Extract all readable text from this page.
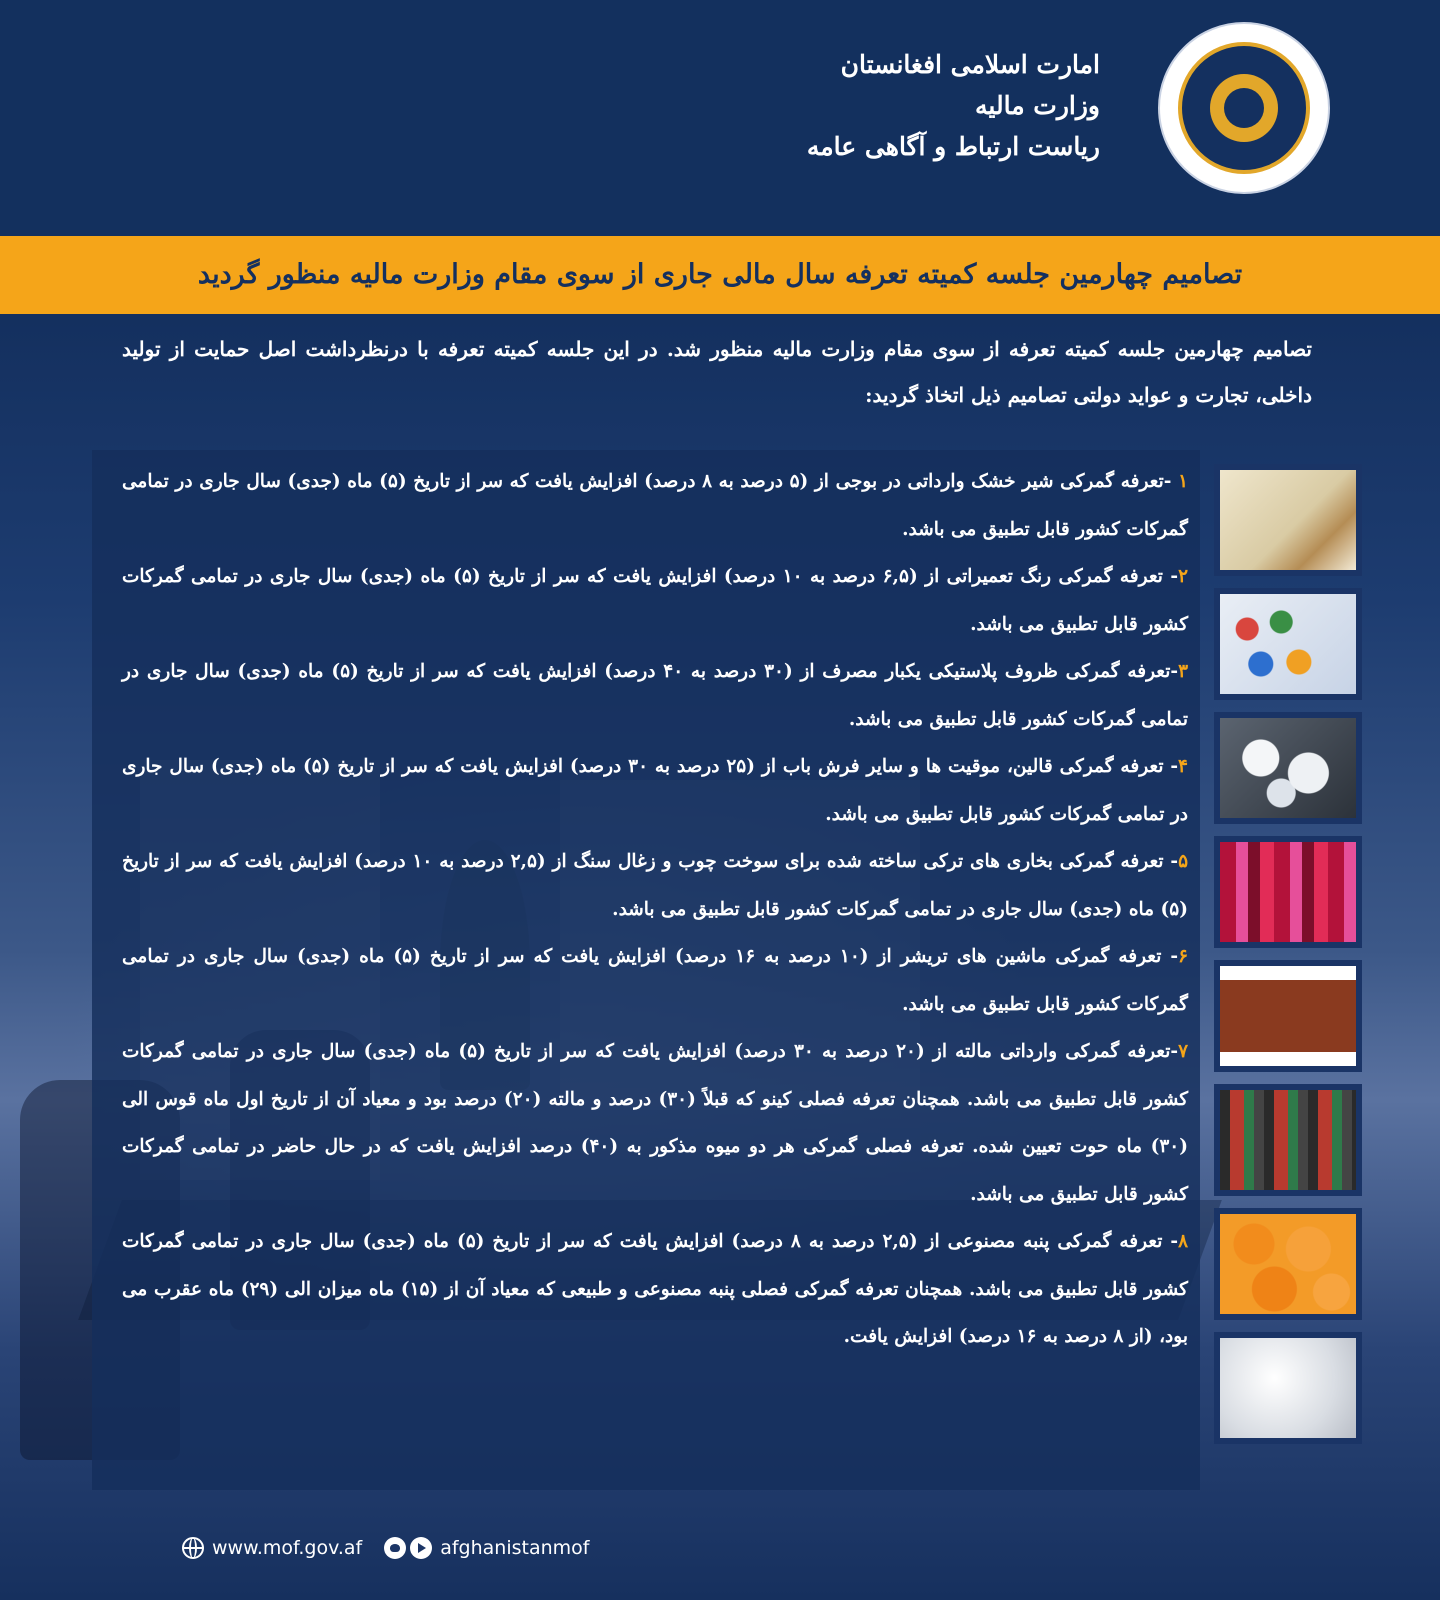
امارت اسلامی افغانستان
وزارت مالیه
ریاست ارتباط و آگاهی عامه
تصامیم چهارمین جلسه کمیته تعرفه سال مالی جاری از سوی مقام وزارت مالیه منظور گردید
تصامیم چهارمین جلسه کمیته تعرفه از سوی مقام وزارت مالیه منظور شد. در این جلسه کمیته تعرفه با درنظرداشت اصل حمایت از تولید داخلی، تجارت و عواید دولتی تصامیم ذیل اتخاذ گردید:

۱ -تعرفه گمرکی شیر خشک وارداتی در بوجی از (۵ درصد به ۸ درصد) افزایش یافت که سر از تاریخ (۵) ماه (جدی) سال جاری در تمامی گمرکات کشور قابل تطبیق می باشد.

۲- تعرفه گمرکی رنگ تعمیراتی از (۶,۵ درصد به ۱۰ درصد) افزایش یافت که سر از تاریخ (۵) ماه (جدی) سال جاری در تمامی گمرکات کشور قابل تطبیق می باشد.

۳-تعرفه گمرکی ظروف پلاستیکی یکبار مصرف از (۳۰ درصد به ۴۰ درصد) افزایش یافت که سر از تاریخ (۵) ماه (جدی) سال جاری در تمامی گمرکات کشور قابل تطبیق می باشد.

۴- تعرفه گمرکی قالین، موقیت ها و سایر فرش باب از (۲۵ درصد به ۳۰ درصد) افزایش یافت که سر از تاریخ (۵) ماه (جدی) سال جاری در تمامی گمرکات کشور قابل تطبیق می باشد.

۵- تعرفه گمرکی بخاری های ترکی ساخته شده برای سوخت چوب و زغال سنگ از (۲,۵ درصد به ۱۰ درصد) افزایش یافت که سر از تاریخ (۵) ماه (جدی) سال جاری در تمامی گمرکات کشور قابل تطبیق می باشد.

۶- تعرفه گمرکی ماشین های تریشر از (۱۰ درصد به ۱۶ درصد) افزایش یافت که سر از تاریخ (۵) ماه (جدی) سال جاری در تمامی گمرکات کشور قابل تطبیق می باشد.

۷-تعرفه گمرکی وارداتی مالته از (۲۰ درصد به ۳۰ درصد) افزایش یافت که سر از تاریخ (۵) ماه (جدی) سال جاری در تمامی گمرکات کشور قابل تطبیق می باشد. همچنان تعرفه فصلی کینو که قبلاً (۳۰) درصد و مالته (۲۰) درصد بود و معیاد آن از تاریخ اول ماه قوس الی (۳۰) ماه حوت تعیین شده. تعرفه فصلی گمرکی هر دو میوه مذکور به (۴۰) درصد افزایش یافت که در حال حاضر در تمامی گمرکات کشور قابل تطبیق می باشد.

۸- تعرفه گمرکی پنبه مصنوعی از (۲,۵ درصد به ۸ درصد) افزایش یافت که سر از تاریخ (۵) ماه (جدی) سال جاری در تمامی گمرکات کشور قابل تطبیق می باشد. همچنان تعرفه گمرکی فصلی پنبه مصنوعی و طبیعی که معیاد آن از (۱۵) ماه میزان الی (۲۹) ماه عقرب می بود، (از ۸ درصد به ۱۶ درصد) افزایش یافت.

www.mof.gov.af	afghanistanmof
